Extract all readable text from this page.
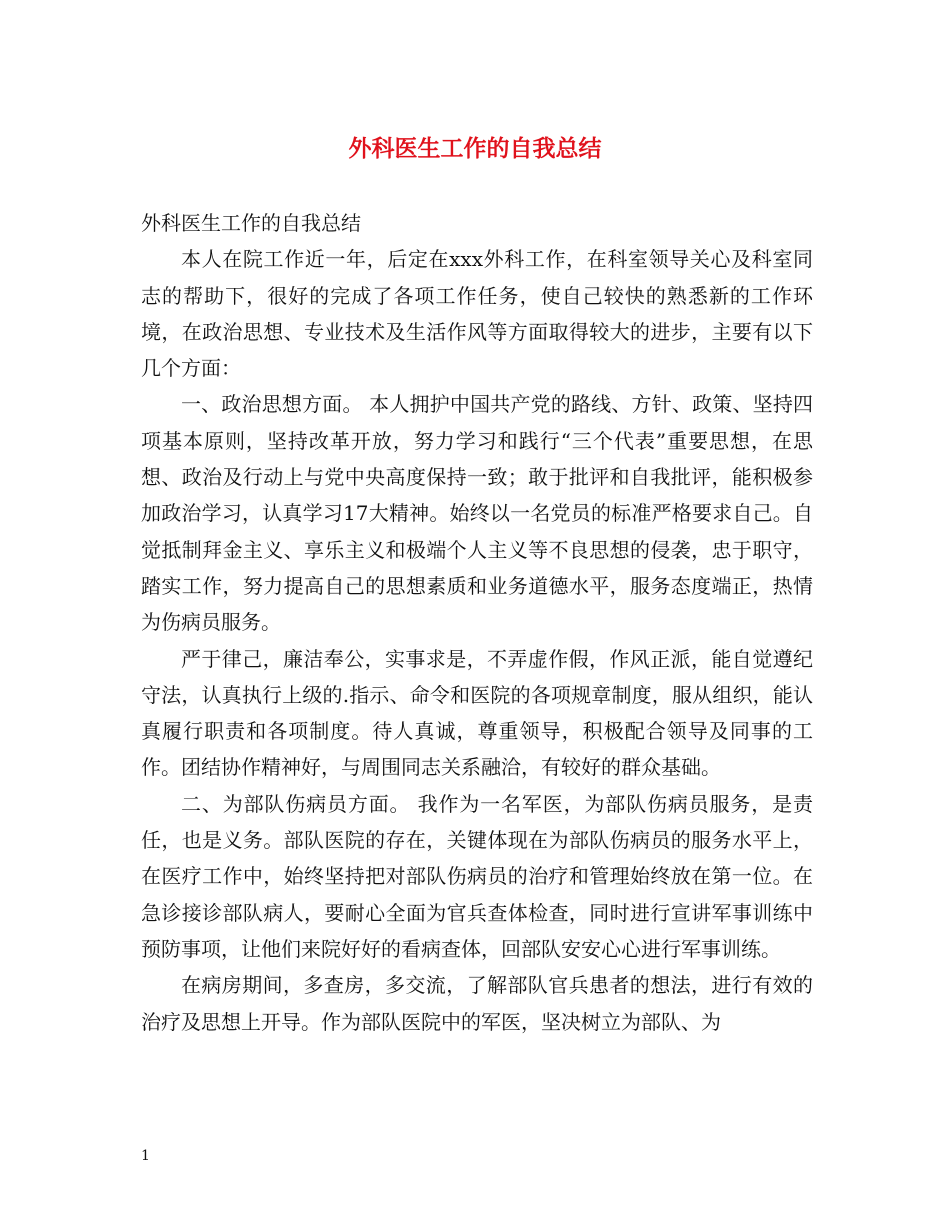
外科医生工作的自我总结

外科医生工作的自我总结

本人在院工作近一年，后定在xxx外科工作，在科室领导关心及科室同志的帮助下，很好的完成了各项工作任务，使自己较快的熟悉新的工作环境，在政治思想、专业技术及生活作风等方面取得较大的进步，主要有以下几个方面：

一、政治思想方面。 本人拥护中国共产党的路线、方针、政策、坚持四项基本原则，坚持改革开放，努力学习和践行“三个代表”重要思想，在思想、政治及行动上与党中央高度保持一致；敢于批评和自我批评，能积极参加政治学习，认真学习17大精神。始终以一名党员的标准严格要求自己。自觉抵制拜金主义、享乐主义和极端个人主义等不良思想的侵袭，忠于职守，踏实工作，努力提高自己的思想素质和业务道德水平，服务态度端正，热情为伤病员服务。

严于律己，廉洁奉公，实事求是，不弄虚作假，作风正派，能自觉遵纪守法，认真执行上级的.指示、命令和医院的各项规章制度，服从组织，能认真履行职责和各项制度。待人真诚，尊重领导，积极配合领导及同事的工作。团结协作精神好，与周围同志关系融洽，有较好的群众基础。

二、为部队伤病员方面。 我作为一名军医，为部队伤病员服务，是责任，也是义务。部队医院的存在，关键体现在为部队伤病员的服务水平上，在医疗工作中，始终坚持把对部队伤病员的治疗和管理始终放在第一位。在急诊接诊部队病人，要耐心全面为官兵查体检查，同时进行宣讲军事训练中预防事项，让他们来院好好的看病查体，回部队安安心心进行军事训练。

在病房期间，多查房，多交流，了解部队官兵患者的想法，进行有效的治疗及思想上开导。作为部队医院中的军医，坚决树立为部队、为

1
